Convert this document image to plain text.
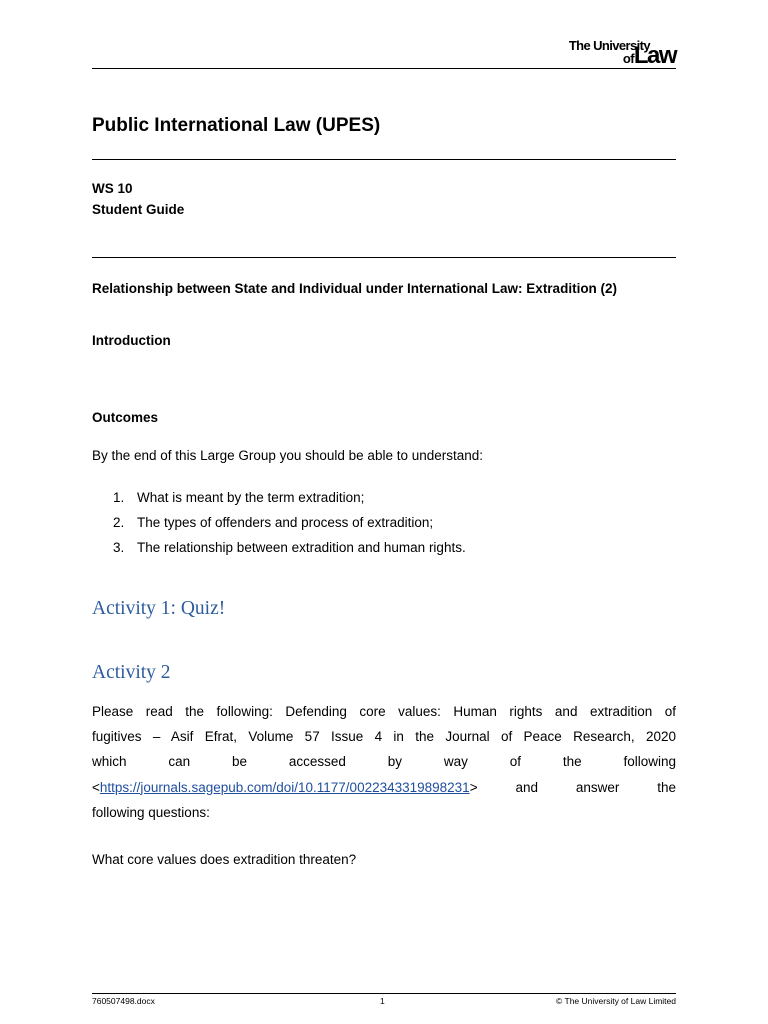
The University
of Law
Public International Law (UPES)
WS 10
Student Guide
Relationship between State and Individual under International Law: Extradition (2)
Introduction
Outcomes
By the end of this Large Group you should be able to understand:
1. What is meant by the term extradition;
2. The types of offenders and process of extradition;
3. The relationship between extradition and human rights.
Activity 1: Quiz!
Activity 2
Please read the following: Defending core values: Human rights and extradition of
fugitives – Asif Efrat, Volume 57 Issue 4 in the Journal of Peace Research, 2020
which	can	be	accessed	by	way	of	the	following
<https://journals.sagepub.com/doi/10.1177/0022343319898231>	and	answer	the
following questions:
What core values does extradition threaten?
760507498.docx	1	© The University of Law Limited
